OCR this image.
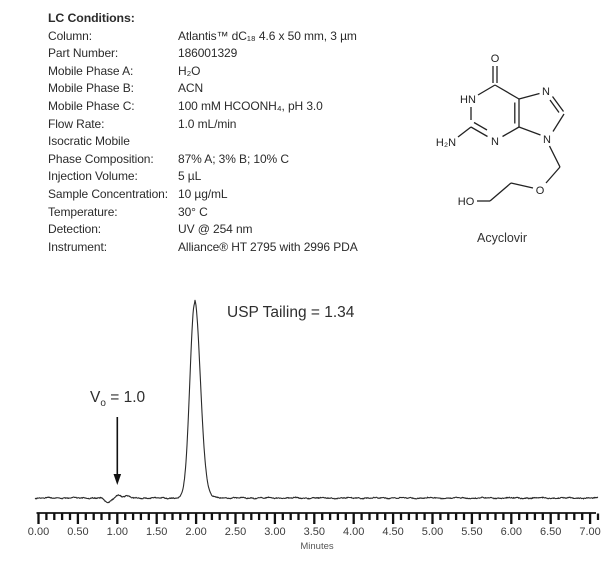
LC Conditions:
Column:	Atlantis™ dC₁₈ 4.6 x 50 mm, 3 µm
Part Number:	186001329
Mobile Phase A:	H₂O
Mobile Phase B:	ACN
Mobile Phase C:	100 mM HCOONH₄, pH 3.0
Flow Rate:	1.0 mL/min
Isocratic Mobile
Phase Composition:	87% A; 3% B; 10% C
Injection Volume:	5 µL
Sample Concentration: 10 µg/mL
Temperature:	30° C
Detection:	UV @ 254 nm
Instrument:	Alliance® HT 2795 with 2996 PDA
O
HN
H₂N	N
N
N
O
HO
Acyclovir
0.00 0.50 1.00 1.50 2.00 2.50 3.00 3.50 4.00 4.50 5.00 5.50 6.00 6.50 7.00
USP Tailing = 1.34
$V_o = 1.0$
Minutes
